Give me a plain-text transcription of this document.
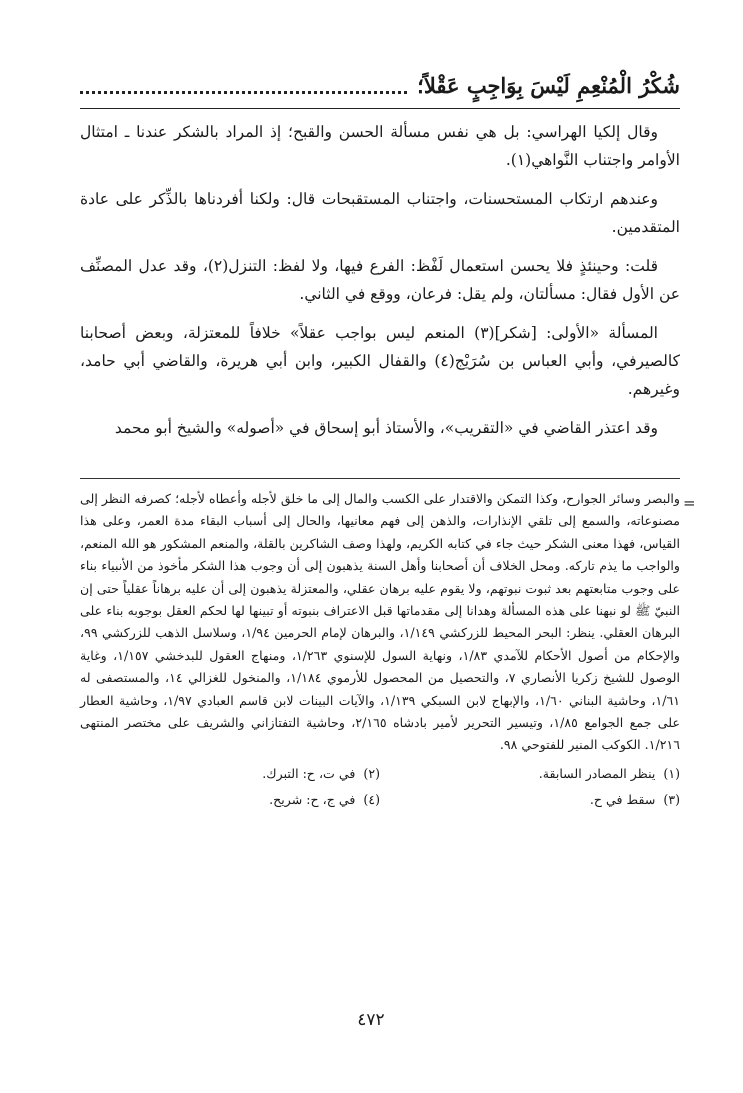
شُكْرُ الْمُنْعِمِ لَيْسَ بِوَاجِبٍ عَقْلاً؛

وقال إلكيا الهراسي: بل هي نفس مسألة الحسن والقبح؛ إذ المراد بالشكر عندنا ـ امتثال الأوامر واجتناب النَّواهي(١).

وعندهم ارتكاب المستحسنات، واجتناب المستقبحات قال: ولكنا أفردناها بالذِّكر على عادة المتقدمين.

قلت: وحينئذٍ فلا يحسن استعمال لَفْظ: الفرع فيها، ولا لفظ: التنزل(٢)، وقد عدل المصنِّف عن الأول فقال: مسألتان، ولم يقل: فرعان، ووقع في الثاني.

المسألة «الأولى: [شكر](٣) المنعم ليس بواجب عقلاً» خلافاً للمعتزلة، وبعض أصحابنا كالصيرفي، وأبي العباس بن سُرَيْج(٤) والقفال الكبير، وابن أبي هريرة، والقاضي أبي حامد، وغيرهم.

وقد اعتذر القاضي في «التقريب»، والأستاذ أبو إسحاق في «أصوله» والشيخ أبو محمد

=

والبصر وسائر الجوارح، وكذا التمكن والاقتدار على الكسب والمال إلى ما خلق لأجله وأعطاه لأجله؛ كصرفه النظر إلى مصنوعاته، والسمع إلى تلقي الإنذارات، والذهن إلى فهم معانيها، والحال إلى أسباب البقاء مدة العمر، وعلى هذا القياس، فهذا معنى الشكر حيث جاء في كتابه الكريم، ولهذا وصف الشاكرين بالقلة، والمنعم المشكور هو الله المنعم، والواجب ما يذم تاركه. ومحل الخلاف أن أصحابنا وأهل السنة يذهبون إلى أن وجوب هذا الشكر مأخوذ من الأنبياء بناء على وجوب متابعتهم بعد ثبوت نبوتهم، ولا يقوم عليه برهان عقلي، والمعتزلة يذهبون إلى أن عليه برهاناً عقلياً حتى إن النبيّ ﷺ لو نبهنا على هذه المسألة وهدانا إلى مقدماتها قبل الاعتراف بنبوته أو تبينها لها لحكم العقل بوجوبه بناء على البرهان العقلي. ينظر: البحر المحيط للزركشي ١/١٤٩، والبرهان لإمام الحرمين ١/٩٤، وسلاسل الذهب للزركشي ٩٩، والإحكام من أصول الأحكام للآمدي ١/٨٣، ونهاية السول للإسنوي ١/٢٦٣، ومنهاج العقول للبدخشي ١/١٥٧، وغاية الوصول للشيخ زكريا الأنصاري ٧، والتحصيل من المحصول للأرموي ١/١٨٤، والمنخول للغزالي ١٤، والمستصفى له ١/٦١، وحاشية البناني ١/٦٠، والإبهاج لابن السبكي ١/١٣٩، والآيات البينات لابن قاسم العبادي ١/٩٧، وحاشية العطار على جمع الجوامع ١/٨٥، وتيسير التحرير لأمير بادشاه ٢/١٦٥، وحاشية التفتازاني والشريف على مختصر المنتهى ١/٢١٦. الكوكب المنير للفتوحي ٩٨.

(١)
ينظر المصادر السابقة.
(٢)
في ت، ح: التبرك.
(٣)
سقط في ح.
(٤)
في ج، ح: شريح.
٤٧٢
